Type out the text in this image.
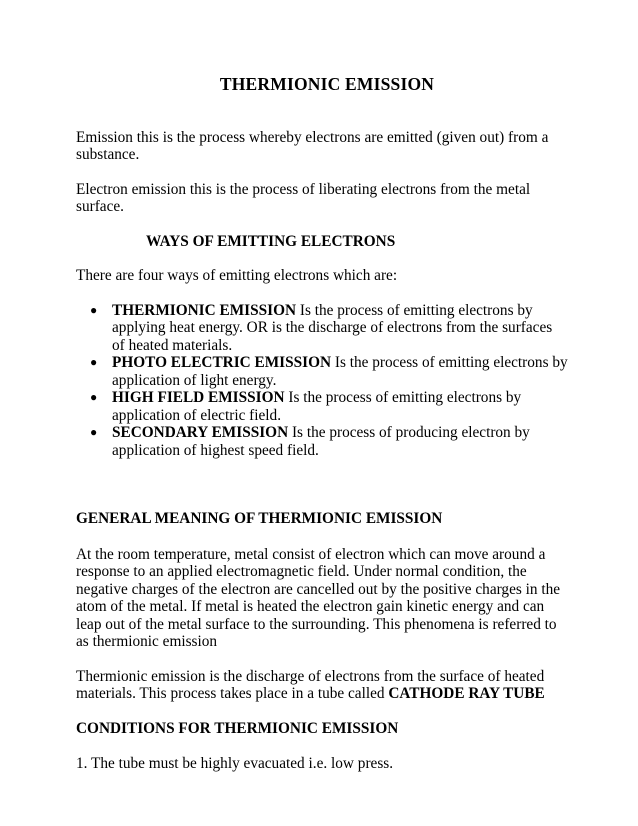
THERMIONIC EMISSION

Emission this is the process whereby electrons are emitted (given out) from a substance.

Electron emission this is the process of liberating electrons from the metal surface.

WAYS OF EMITTING ELECTRONS

There are four ways of emitting electrons which are:

● THERMIONIC EMISSION Is the process of emitting electrons by applying heat energy. OR is the discharge of electrons from the surfaces of heated materials.
● PHOTO ELECTRIC EMISSION Is the process of emitting electrons by application of light energy.
● HIGH FIELD EMISSION Is the process of emitting electrons by application of electric field.
● SECONDARY EMISSION Is the process of producing electron by application of highest speed field.
GENERAL MEANING OF THERMIONIC EMISSION

At the room temperature, metal consist of electron which can move around a response to an applied electromagnetic field. Under normal condition, the negative charges of the electron are cancelled out by the positive charges in the atom of the metal. If metal is heated the electron gain kinetic energy and can leap out of the metal surface to the surrounding. This phenomena is referred to as thermionic emission

Thermionic emission is the discharge of electrons from the surface of heated materials. This process takes place in a tube called CATHODE RAY TUBE

CONDITIONS FOR THERMIONIC EMISSION

1. The tube must be highly evacuated i.e. low press.
